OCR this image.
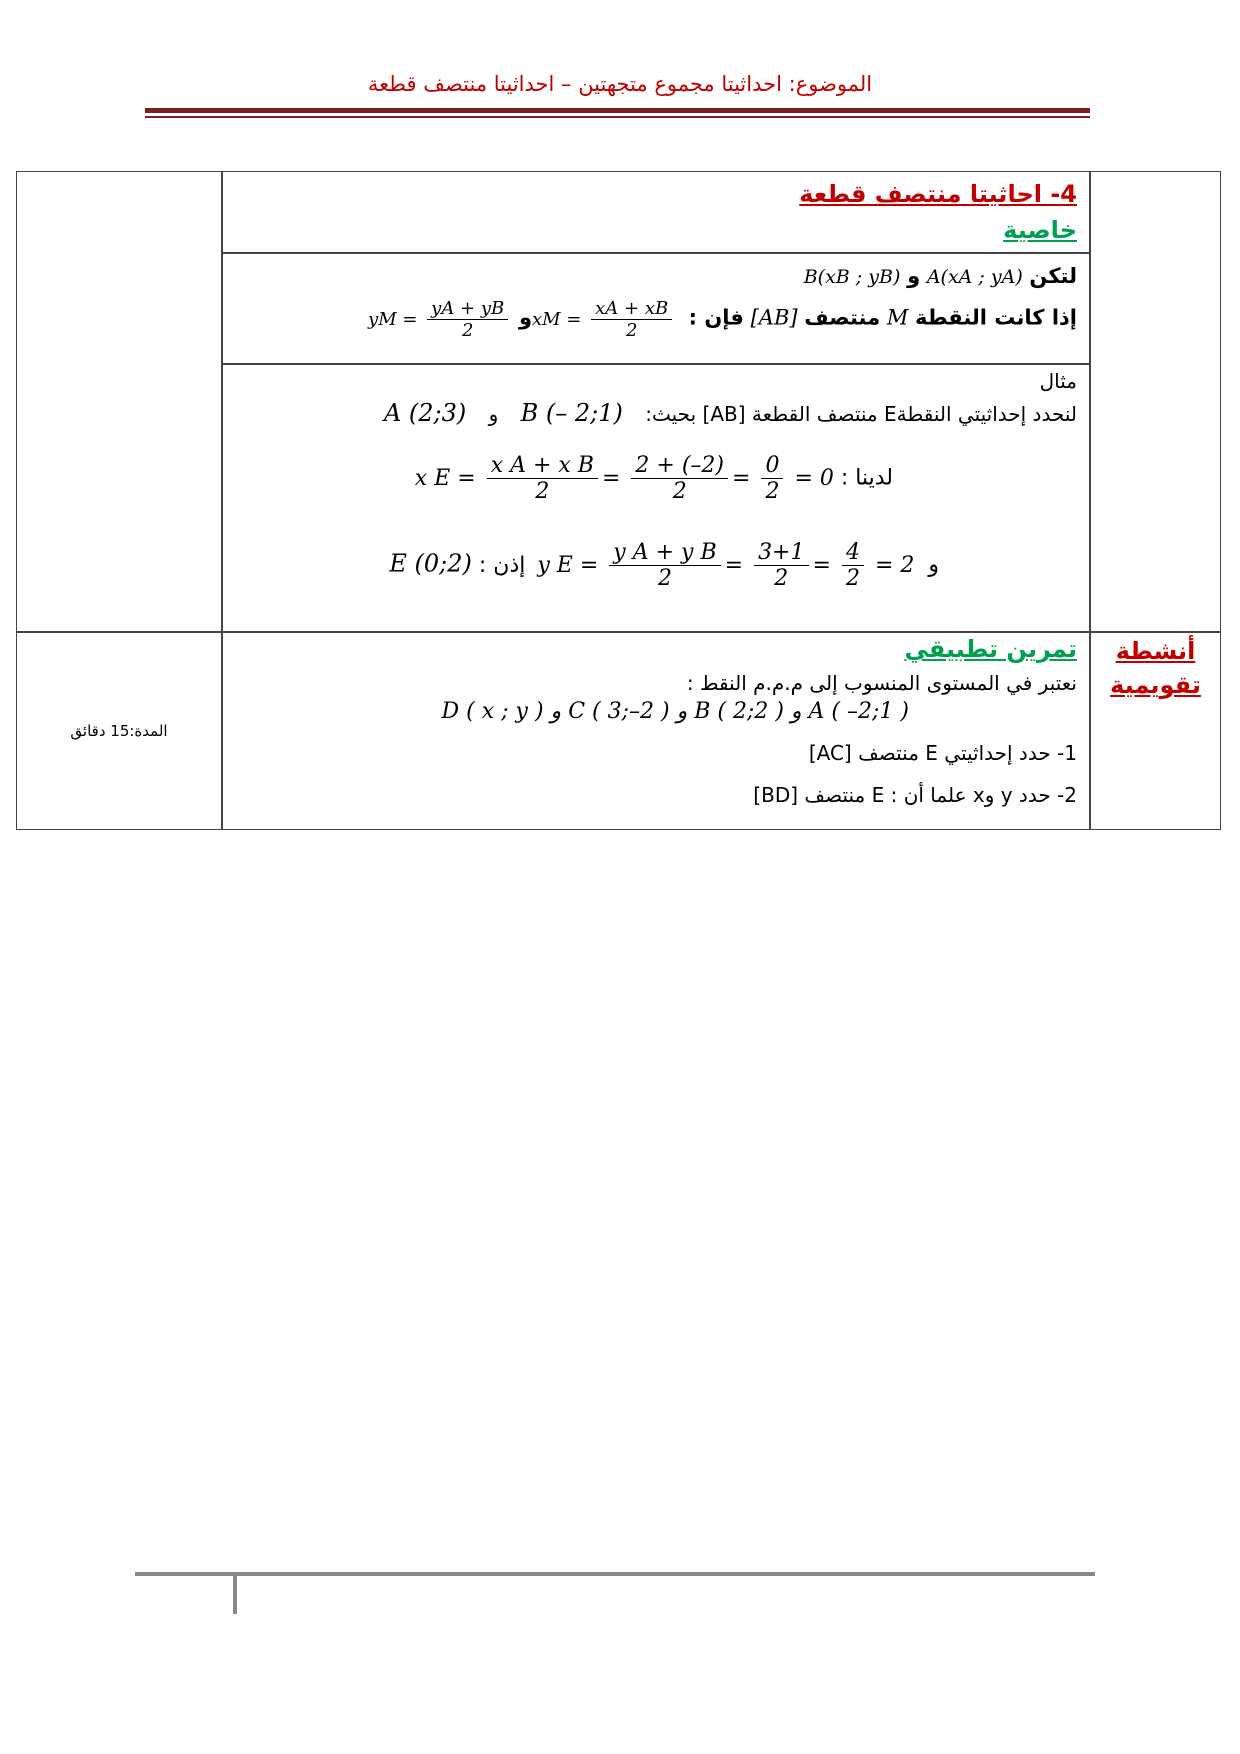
الموضوع: احداثيتا مجموع متجهتين – احداثيتا منتصف قطعة
4- احاثيتا منتصف قطعة
خاصية
لتكن A(xA ; yA) و B(xB ; yB)
إذا كانت النقطة M منتصف [AB] فإن : xM = $\frac{xA + xB}{2}$
و yM = $\frac{yA + yB}{2}$
مثال
لنحدد إحداثيتي النقطةE منتصف القطعة [AB] بحيث: B (– 2;1) و A (2;3)
لدينا : x $E = \frac{\text{x A + x B}}{2} = \frac{2 + (-2)}{2} = \frac{0}{2} = 0$
و y $E = \frac{\text{y A + y B}}{2} = \frac{3+1}{2} = \frac{4}{2} = 2$ إذن : E (0;2)
أنشطة
تقويمية
المدة:15 دقائق
تمرين تطبيقي
نعتبر في المستوى المنسوب إلى م.م.م النقط :
A ( –2;1 ) و B ( 2;2 ) و C ( 3;–2 ) و D ( x ; y )
1- حدد إحداثيتي E منتصف [AC]
2- حدد y وx علما أن : E منتصف [BD]
